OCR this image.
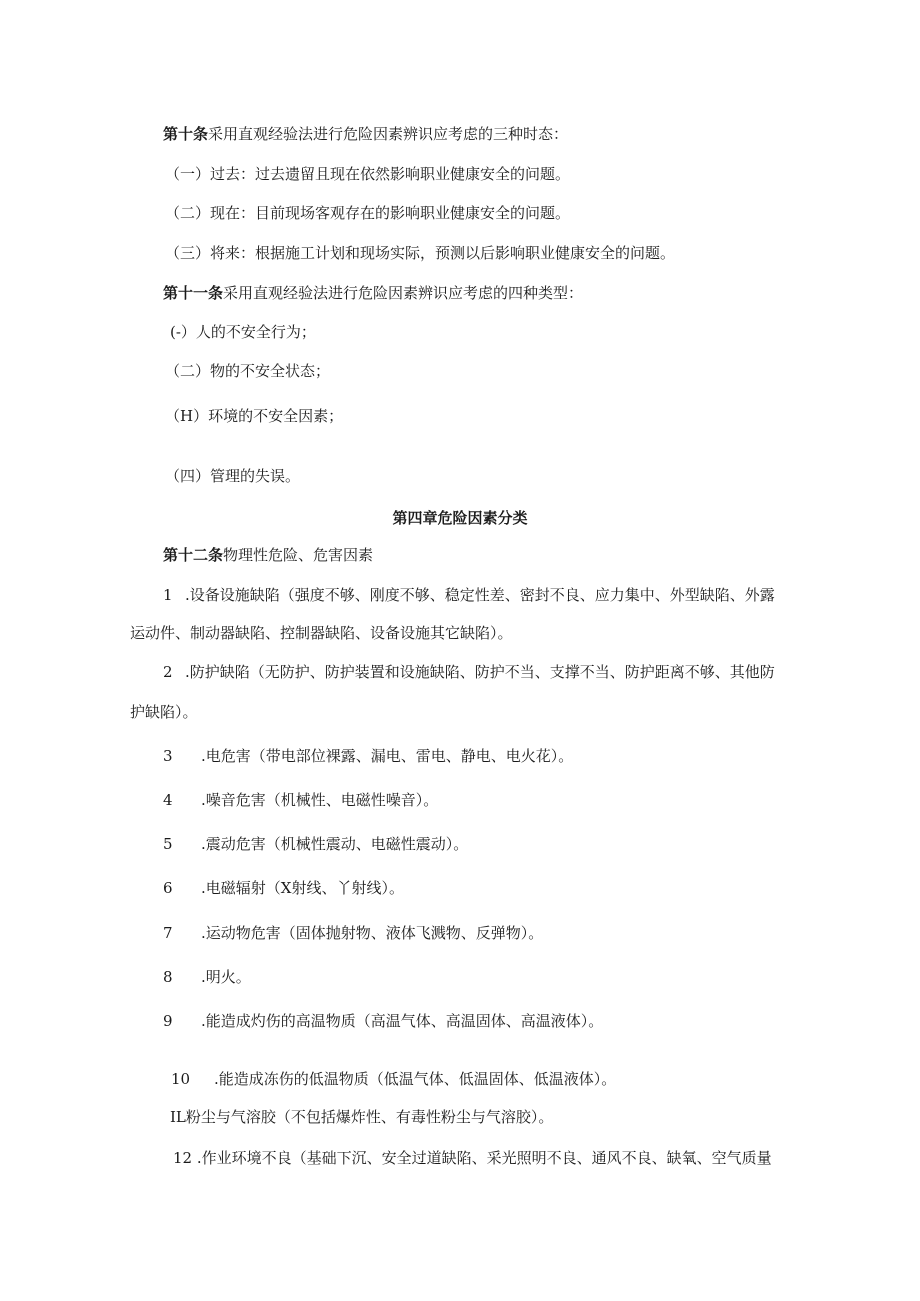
第十条采用直观经验法进行危险因素辨识应考虑的三种时态：
（一）过去：过去遗留且现在依然影响职业健康安全的问题。
（二）现在：目前现场客观存在的影响职业健康安全的问题。
（三）将来：根据施工计划和现场实际，预测以后影响职业健康安全的问题。
第十一条采用直观经验法进行危险因素辨识应考虑的四种类型：
(-）人的不安全行为；
（二）物的不安全状态；
（H）环境的不安全因素；
（四）管理的失误。
第四章危险因素分类
第十二条物理性危险、危害因素
1 .设备设施缺陷（强度不够、刚度不够、稳定性差、密封不良、应力集中、外型缺陷、外露
运动件、制动器缺陷、控制器缺陷、设备设施其它缺陷）。
2 .防护缺陷（无防护、防护装置和设施缺陷、防护不当、支撑不当、防护距离不够、其他防
护缺陷）。
3 .电危害（带电部位裸露、漏电、雷电、静电、电火花）。
4 .噪音危害（机械性、电磁性噪音）。
5 .震动危害（机械性震动、电磁性震动）。
6 .电磁辐射（X射线、丫射线）。
7 .运动物危害（固体抛射物、液体飞溅物、反弹物）。
8 .明火。
9 .能造成灼伤的高温物质（高温气体、高温固体、高温液体）。
10 .能造成冻伤的低温物质（低温气体、低温固体、低温液体）。
IL粉尘与气溶胶（不包括爆炸性、有毒性粉尘与气溶胶）。
12 .作业环境不良（基础下沉、安全过道缺陷、采光照明不良、通风不良、缺氧、空气质量
